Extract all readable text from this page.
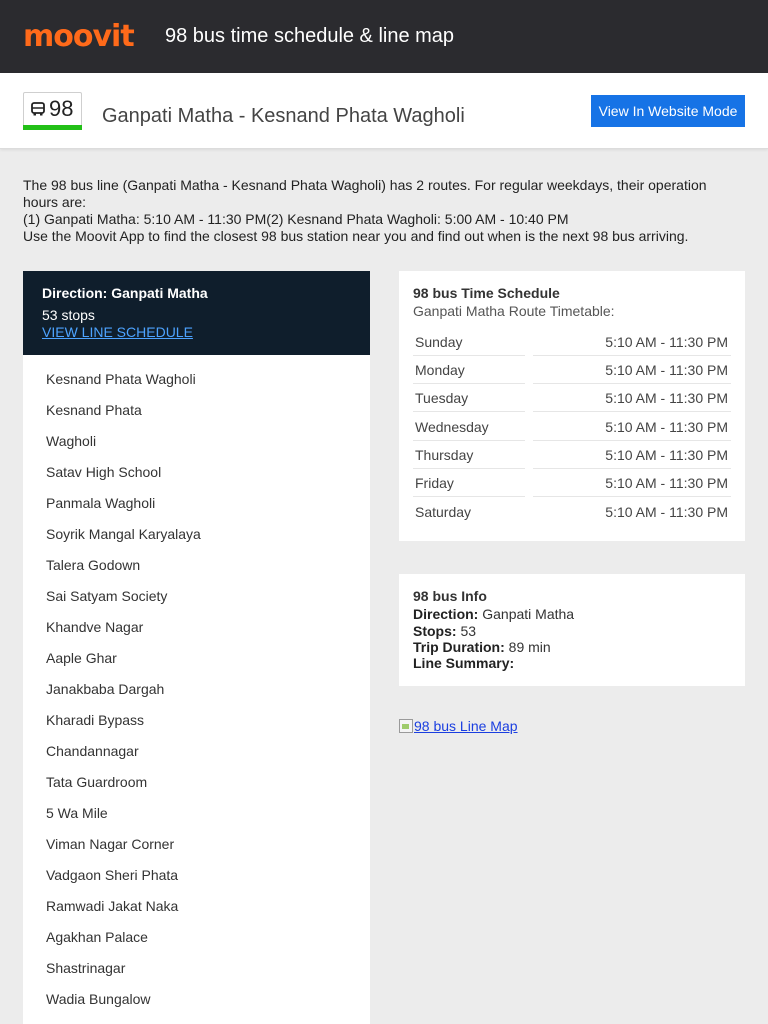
moovit 98 bus time schedule & line map
98 Ganpati Matha - Kesnand Phata Wagholi	View In Website Mode

The 98 bus line (Ganpati Matha - Kesnand Phata Wagholi) has 2 routes. For regular weekdays, their operation hours are:

(1) Ganpati Matha: 5:10 AM - 11:30 PM(2) Kesnand Phata Wagholi: 5:00 AM - 10:40 PM

Use the Moovit App to find the closest 98 bus station near you and find out when is the next 98 bus arriving.

Direction: Ganpati Matha
53 stops
VIEW LINE SCHEDULE
Kesnand Phata Wagholi
Kesnand Phata
Wagholi
Satav High School
Panmala Wagholi
Soyrik Mangal Karyalaya
Talera Godown
Sai Satyam Society
Khandve Nagar
Aaple Ghar
Janakbaba Dargah
Kharadi Bypass
Chandannagar
Tata Guardroom
5 Wa Mile
Viman Nagar Corner
Vadgaon Sheri Phata
Ramwadi Jakat Naka
Agakhan Palace
Shastrinagar
Wadia Bungalow
98 bus Time Schedule
Ganpati Matha Route Timetable:
Sunday	5:10 AM - 11:30 PM
Monday	5:10 AM - 11:30 PM
Tuesday	5:10 AM - 11:30 PM
Wednesday	5:10 AM - 11:30 PM
Thursday	5:10 AM - 11:30 PM
Friday	5:10 AM - 11:30 PM
Saturday	5:10 AM - 11:30 PM
98 bus Info
Direction: Ganpati Matha
Stops: 53
Trip Duration: 89 min
Line Summary:
98 bus Line Map
